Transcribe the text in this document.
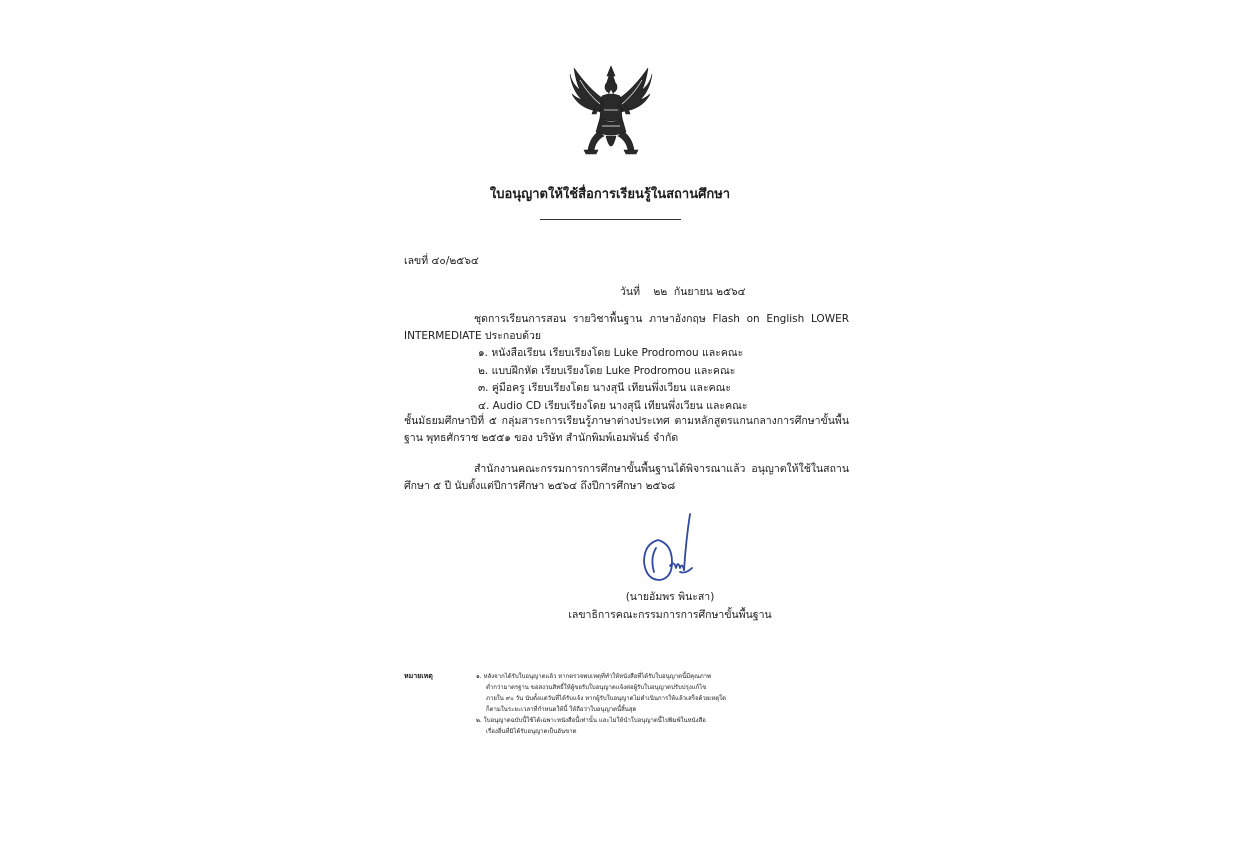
ใบอนุญาตให้ใช้สื่อการเรียนรู้ในสถานศึกษา
เลขที่ ๔๐/๒๕๖๔
วันที่ ๒๒ กันยายน ๒๕๖๔
ชุดการเรียนการสอน รายวิชาพื้นฐาน ภาษาอังกฤษ Flash on English LOWER INTERMEDIATE ประกอบด้วย
๑. หนังสือเรียน เรียบเรียงโดย Luke Prodromou และคณะ
๒. แบบฝึกหัด เรียบเรียงโดย Luke Prodromou และคณะ
๓. คู่มือครู เรียบเรียงโดย นางสุนี เทียนพึ่งเวียน และคณะ
๔. Audio CD เรียบเรียงโดย นางสุนี เทียนพึ่งเวียน และคณะ
ชั้นมัธยมศึกษาปีที่ ๕ กลุ่มสาระการเรียนรู้ภาษาต่างประเทศ ตามหลักสูตรแกนกลางการศึกษาขั้นพื้นฐาน พุทธศักราช ๒๕๕๑ ของ บริษัท สำนักพิมพ์เอมพันธ์ จำกัด
สำนักงานคณะกรรมการการศึกษาขั้นพื้นฐานได้พิจารณาแล้ว อนุญาตให้ใช้ในสถานศึกษา ๕ ปี นับตั้งแต่ปีการศึกษา ๒๕๖๔ ถึงปีการศึกษา ๒๕๖๘
(นายอัมพร พินะสา)
เลขาธิการคณะกรรมการการศึกษาขั้นพื้นฐาน
หมายเหตุ	๑. หลังจากได้รับใบอนุญาตแล้ว หากตรวจพบเหตุที่ทำให้หนังสือที่ได้รับใบอนุญาตนี้มีคุณภาพ
ต่ำกว่ามาตรฐาน ขอสงวนสิทธิ์ให้ผู้ขอรับใบอนุญาตแจ้งต่อผู้รับใบอนุญาตปรับปรุงแก้ไข
ภายใน ๙๐ วัน นับตั้งแต่วันที่ได้รับแจ้ง หากผู้รับใบอนุญาตไม่ดำเนินการให้แล้วเสร็จด้วยเหตุใด
ก็ตามในระยะเวลาที่กำหนดให้นี้ ให้ถือว่าใบอนุญาตนี้สิ้นสุด
๒. ใบอนุญาตฉบับนี้ใช้ได้เฉพาะหนังสือนี้เท่านั้น และไม่ให้นำใบอนุญาตนี้ไปพิมพ์ในหนังสือ
เรื่องอื่นที่มิได้รับอนุญาตเป็นอันขาด
